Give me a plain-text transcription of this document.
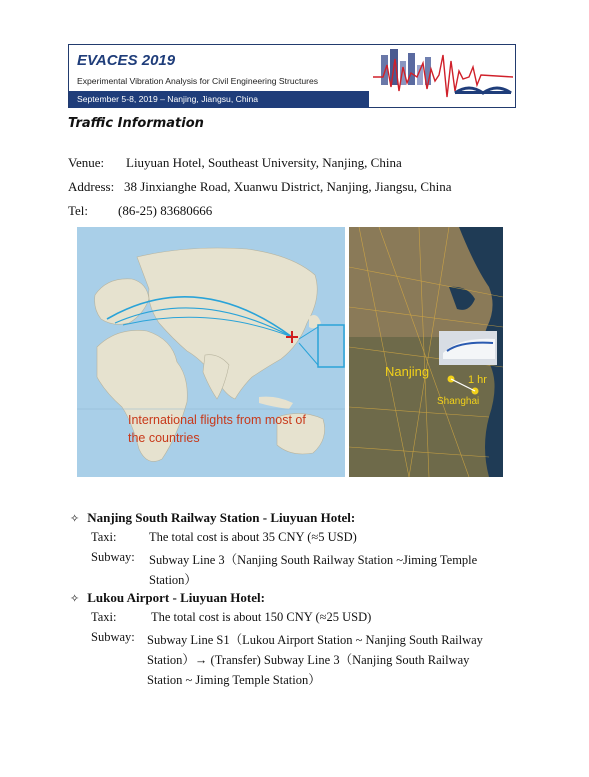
EVACES 2019
Experimental Vibration Analysis for Civil Engineering Structures
September 5-8, 2019 – Nanjing, Jiangsu, China
Traffic Information
Venue: Liuyuan Hotel, Southeast University, Nanjing, China
Address: 38 Jinxianghe Road, Xuanwu District, Nanjing, Jiangsu, China
Tel: (86-25) 83680666
International flights from most of
the countries
Nanjing
1 hr
Shanghai
✧ Nanjing South Railway Station - Liuyuan Hotel:
Taxi:	The total cost is about 35 CNY (≈5 USD)
Subway: Subway Line 3（Nanjing South Railway Station ~Jiming Temple
Station）
✧ Lukou Airport - Liuyuan Hotel:
Taxi:	The total cost is about 150 CNY (≈25 USD)
Subway: Subway Line S1（Lukou Airport Station ~ Nanjing South Railway
Station）→ (Transfer) Subway Line 3（Nanjing South Railway
Station ~ Jiming Temple Station）
